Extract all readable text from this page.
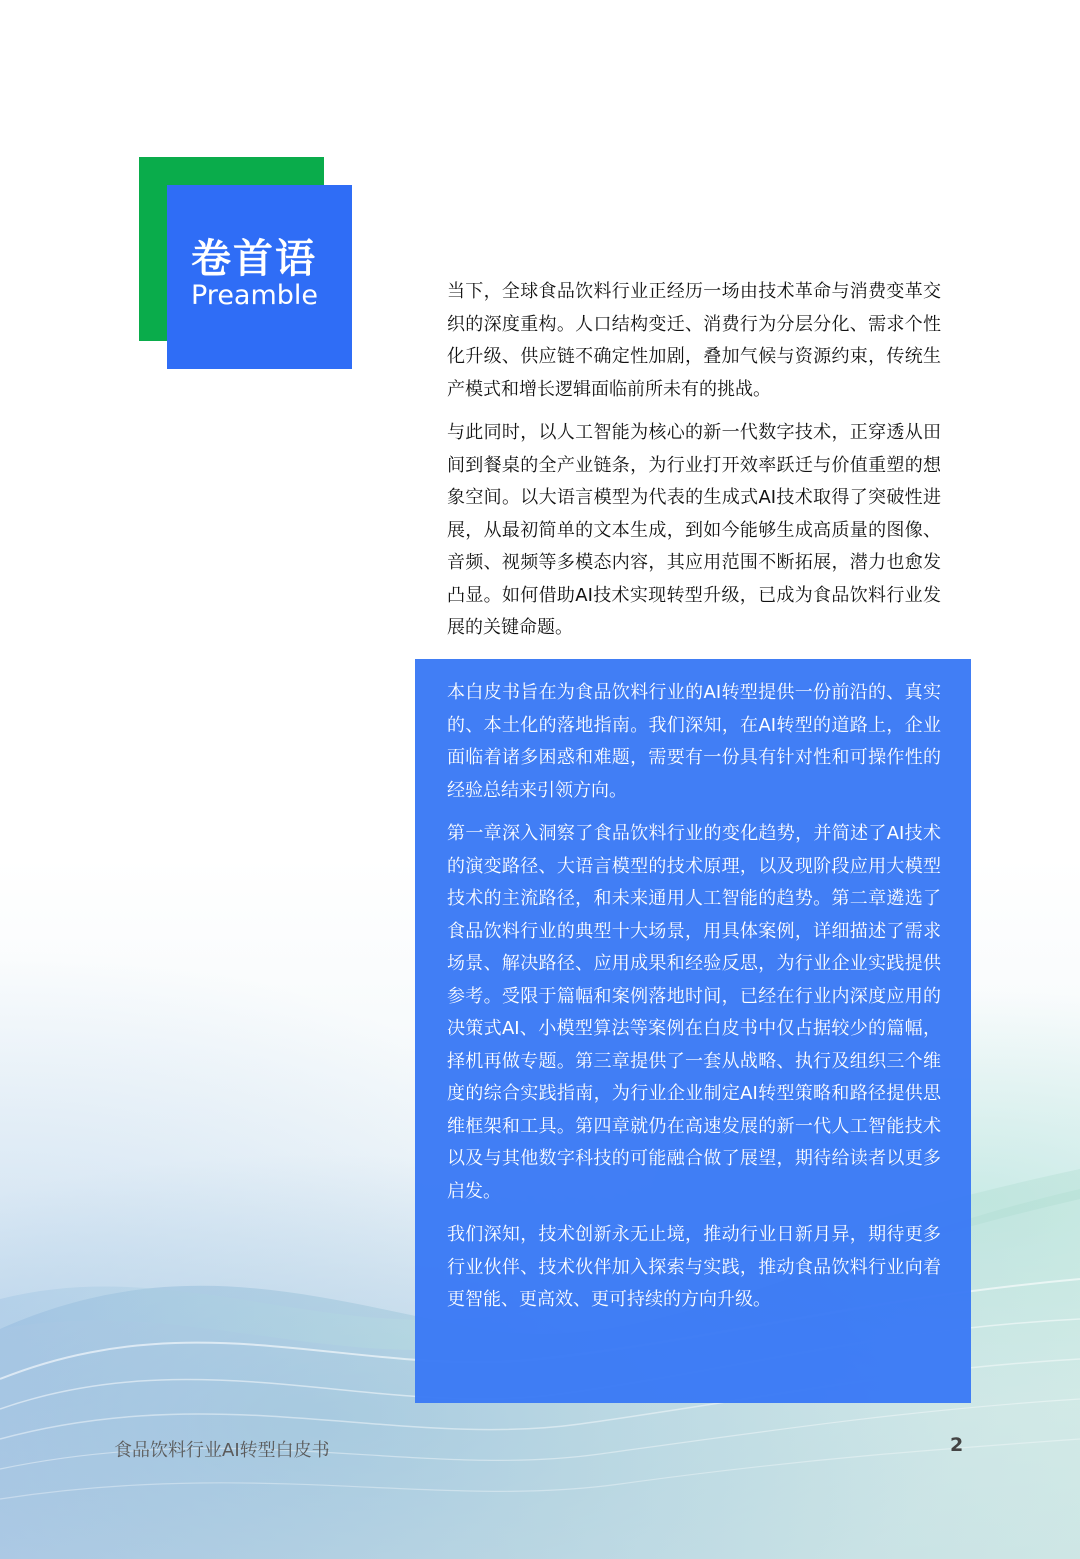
卷首语
Preamble	当下，全球食品饮料行业正经历一场由技术革命与消费变革交织的深度重构。人口结构变迁、消费行为分层分化、需求个性化升级、供应链不确定性加剧，叠加气候与资源约束，传统生产模式和增长逻辑面临前所未有的挑战。

与此同时，以人工智能为核心的新一代数字技术，正穿透从田间到餐桌的全产业链条，为行业打开效率跃迁与价值重塑的想象空间。以大语言模型为代表的生成式AI技术取得了突破性进展，从最初简单的文本生成，到如今能够生成高质量的图像、音频、视频等多模态内容，其应用范围不断拓展，潜力也愈发凸显。如何借助AI技术实现转型升级，已成为食品饮料行业发展的关键命题。

本白皮书旨在为食品饮料行业的AI转型提供一份前沿的、真实的、本土化的落地指南。我们深知，在AI转型的道路上，企业面临着诸多困惑和难题，需要有一份具有针对性和可操作性的经验总结来引领方向。

第一章深入洞察了食品饮料行业的变化趋势，并简述了AI技术的演变路径、大语言模型的技术原理，以及现阶段应用大模型技术的主流路径，和未来通用人工智能的趋势。第二章遴选了食品饮料行业的典型十大场景，用具体案例，详细描述了需求场景、解决路径、应用成果和经验反思，为行业企业实践提供参考。受限于篇幅和案例落地时间，已经在行业内深度应用的决策式AI、小模型算法等案例在白皮书中仅占据较少的篇幅，择机再做专题。第三章提供了一套从战略、执行及组织三个维度的综合实践指南，为行业企业制定AI转型策略和路径提供思维框架和工具。第四章就仍在高速发展的新一代人工智能技术以及与其他数字科技的可能融合做了展望，期待给读者以更多启发。

我们深知，技术创新永无止境，推动行业日新月异，期待更多行业伙伴、技术伙伴加入探索与实践，推动食品饮料行业向着更智能、更高效、更可持续的方向升级。

食品饮料行业AI转型白皮书	2
